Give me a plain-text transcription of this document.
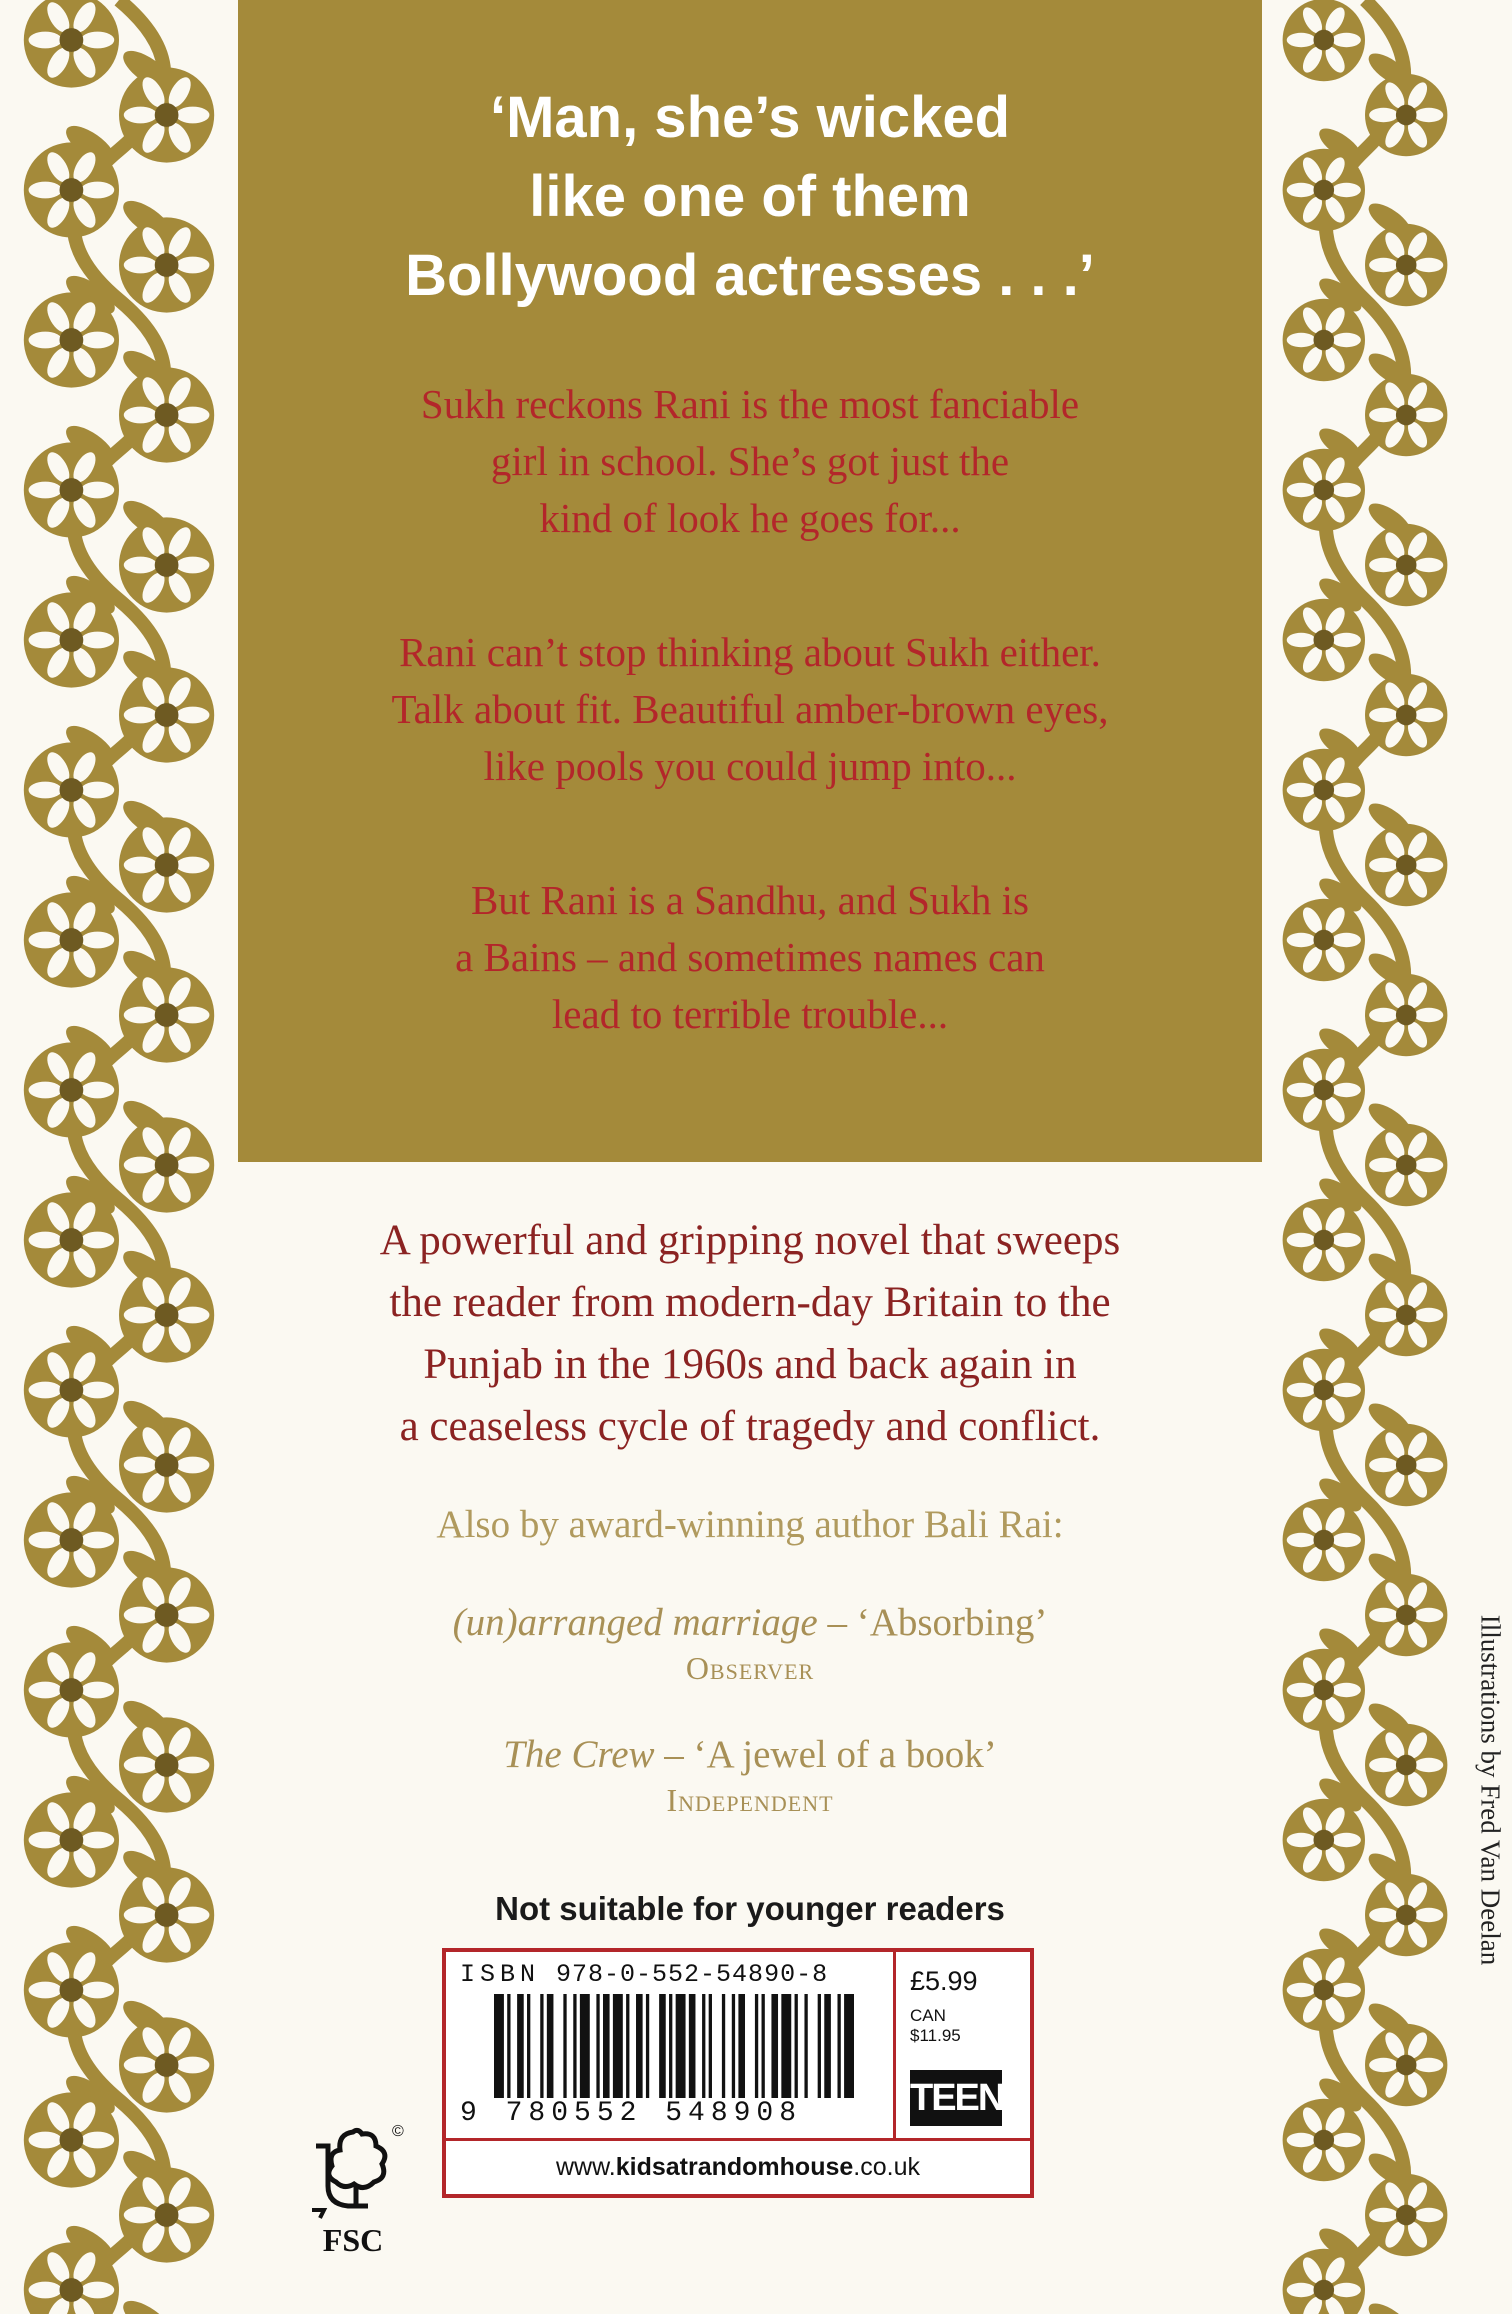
‘Man, she’s wicked
like one of them
Bollywood actresses . . .’
Sukh reckons Rani is the most fanciable
girl in school. She’s got just the
kind of look he goes for...
Rani can’t stop thinking about Sukh either.
Talk about fit. Beautiful amber-brown eyes,
like pools you could jump into...
But Rani is a Sandhu, and Sukh is
a Bains – and sometimes names can
lead to terrible trouble...
A powerful and gripping novel that sweeps
the reader from modern-day Britain to the
Punjab in the 1960s and back again in
a ceaseless cycle of tragedy and conflict.
Also by award-winning author Bali Rai:
(un)arranged marriage – ‘Absorbing’
Observer
The Crew – ‘A jewel of a book’
Independent
Not suitable for younger readers
©
FSC
ISBN 978-0-552-54890-8
9 780552 548908
£5.99
CAN
$11.95
TEEN
www.kidsatrandomhouse.co.uk
Illustrations by Fred Van Deelan
